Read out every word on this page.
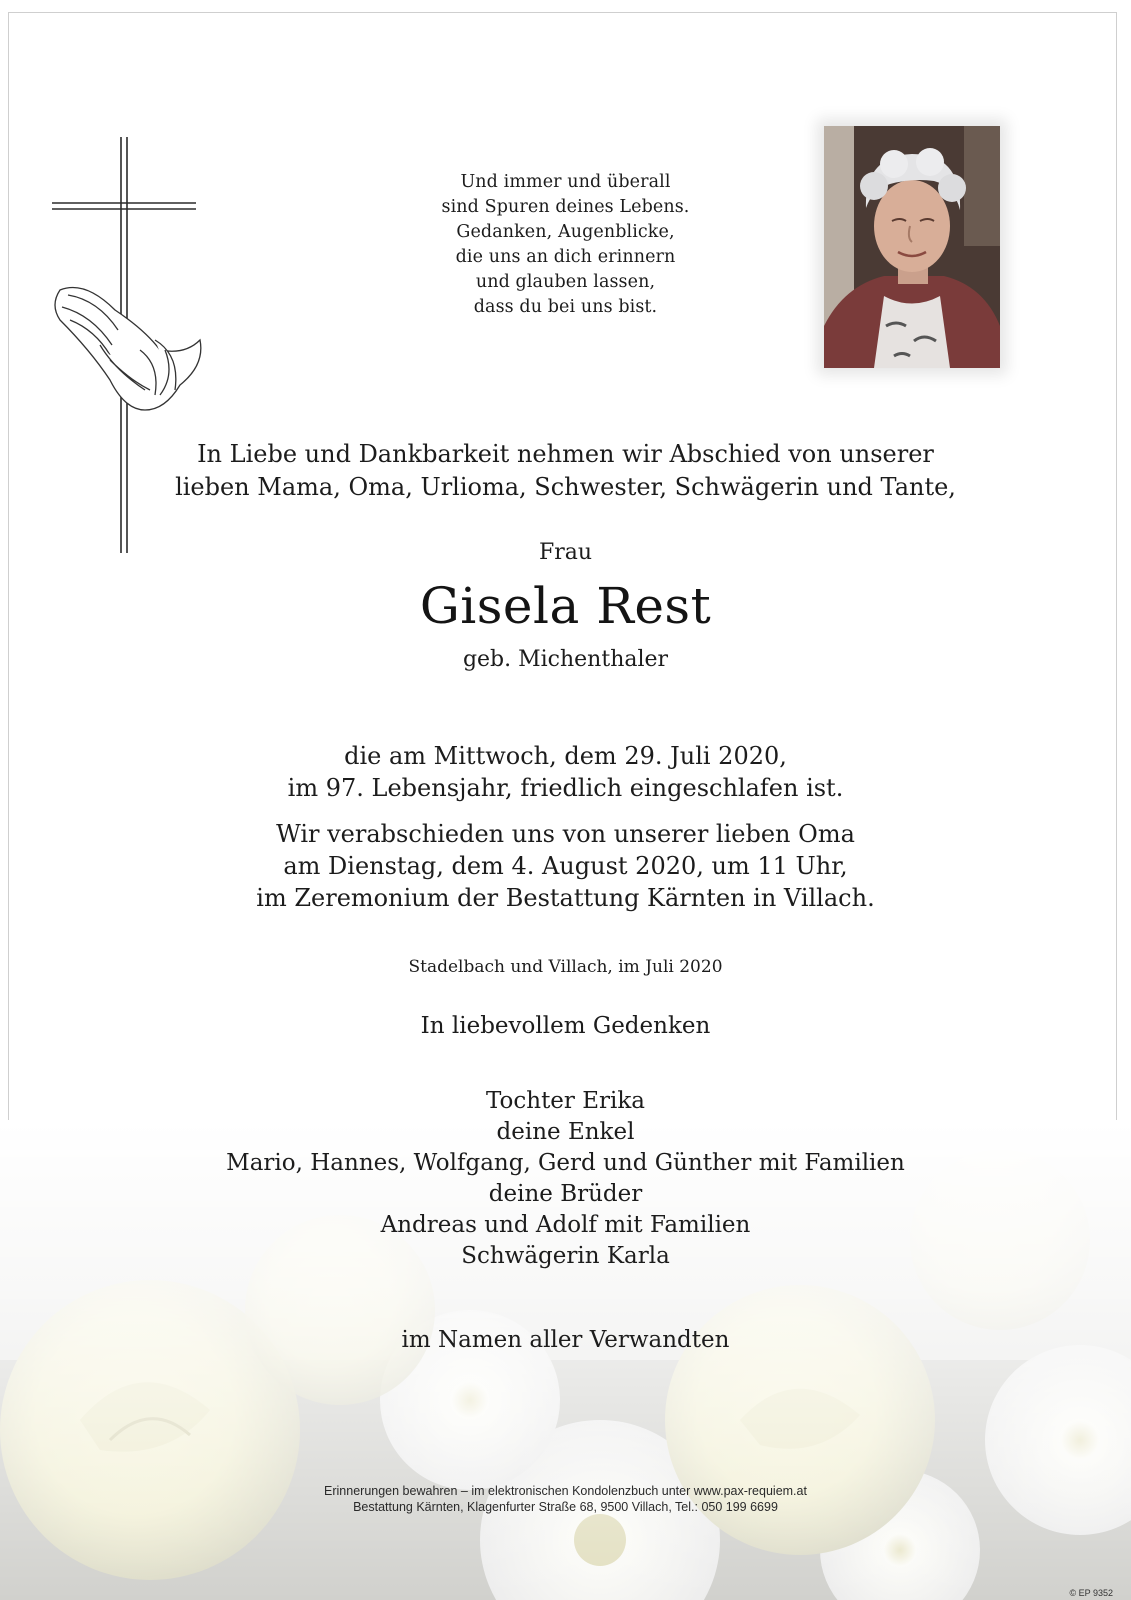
Und immer und überall
sind Spuren deines Lebens.
Gedanken, Augenblicke,
die uns an dich erinnern
und glauben lassen,
dass du bei uns bist.
In Liebe und Dankbarkeit nehmen wir Abschied von unserer
lieben Mama, Oma, Urlioma, Schwester, Schwägerin und Tante,
Frau
Gisela Rest
geb. Michenthaler
die am Mittwoch, dem 29. Juli 2020,
im 97. Lebensjahr, friedlich eingeschlafen ist.
Wir verabschieden uns von unserer lieben Oma
am Dienstag, dem 4. August 2020, um 11 Uhr,
im Zeremonium der Bestattung Kärnten in Villach.
Stadelbach und Villach, im Juli 2020
In liebevollem Gedenken
Tochter Erika
deine Enkel
Mario, Hannes, Wolfgang, Gerd und Günther mit Familien
deine Brüder
Andreas und Adolf mit Familien
Schwägerin Karla
im Namen aller Verwandten
Erinnerungen bewahren – im elektronischen Kondolenzbuch unter www.pax-requiem.at
Bestattung Kärnten, Klagenfurter Straße 68, 9500 Villach, Tel.: 050 199 6699
© EP 9352
